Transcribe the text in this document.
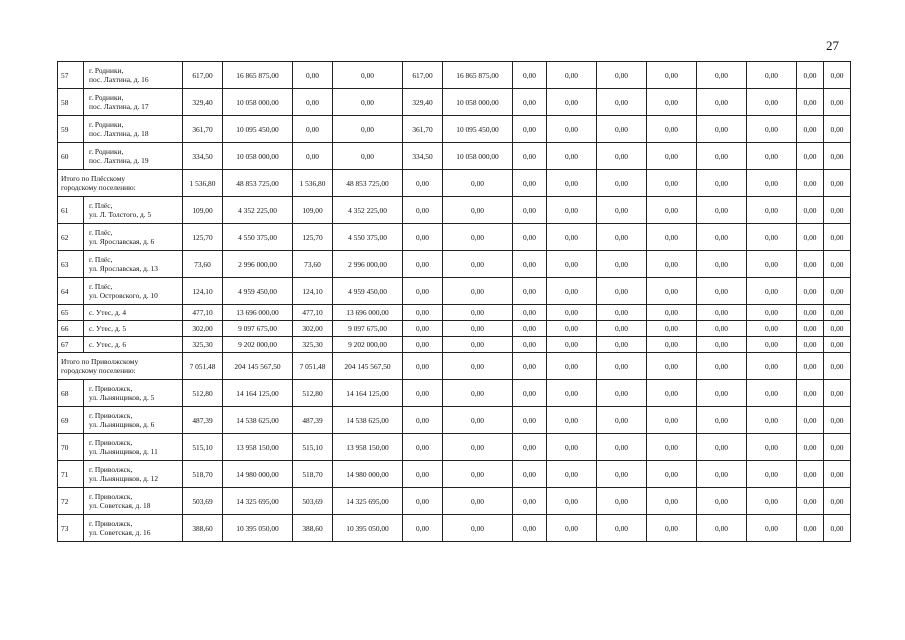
27
57	г. Родники,
пос. Лахтина, д. 16	617,00	16 865 875,00	0,00	0,00	617,00	16 865 875,00	0,00	0,00	0,00	0,00	0,00	0,00	0,00	0,00
58	г. Родники,
пос. Лахтина, д. 17	329,40	10 058 000,00	0,00	0,00	329,40	10 058 000,00	0,00	0,00	0,00	0,00	0,00	0,00	0,00	0,00
59	г. Родники,
пос. Лахтина, д. 18	361,70	10 095 450,00	0,00	0,00	361,70	10 095 450,00	0,00	0,00	0,00	0,00	0,00	0,00	0,00	0,00
60	г. Родники,
пос. Лахтина, д. 19	334,50	10 058 000,00	0,00	0,00	334,50	10 058 000,00	0,00	0,00	0,00	0,00	0,00	0,00	0,00	0,00

Итого по Плёсскому
городскому поселению:		1 536,80	48 853 725,00	1 536,80	48 853 725,00	0,00	0,00	0,00	0,00	0,00	0,00	0,00	0,00	0,00	0,00
61	г. Плёс,
ул. Л. Толстого, д. 5	109,00	4 352 225,00	109,00	4 352 225,00	0,00	0,00	0,00	0,00	0,00	0,00	0,00	0,00	0,00	0,00
62	г. Плёс,
ул. Ярославская, д. 6	125,70	4 550 375,00	125,70	4 550 375,00	0,00	0,00	0,00	0,00	0,00	0,00	0,00	0,00	0,00	0,00
63	г. Плёс,
ул. Ярославская, д. 13	73,60	2 996 000,00	73,60	2 996 000,00	0,00	0,00	0,00	0,00	0,00	0,00	0,00	0,00	0,00	0,00
64	г. Плёс,
ул. Островского, д. 10	124,10	4 959 450,00	124,10	4 959 450,00	0,00	0,00	0,00	0,00	0,00	0,00	0,00	0,00	0,00	0,00
65	с. Утес, д. 4	477,10	13 696 000,00	477,10	13 696 000,00	0,00	0,00	0,00	0,00	0,00	0,00	0,00	0,00	0,00	0,00
66	с. Утес, д. 5	302,00	9 097 675,00	302,00	9 097 675,00	0,00	0,00	0,00	0,00	0,00	0,00	0,00	0,00	0,00	0,00
67	с. Утес, д. 6	325,30	9 202 000,00	325,30	9 202 000,00	0,00	0,00	0,00	0,00	0,00	0,00	0,00	0,00	0,00	0,00

Итого по Приволжскому
городскому поселению:		7 051,48	204 145 567,50	7 051,48	204 145 567,50	0,00	0,00	0,00	0,00	0,00	0,00	0,00	0,00	0,00	0,00
68	г. Приволжск,
ул. Льнянщиков, д. 5	512,80	14 164 125,00	512,80	14 164 125,00	0,00	0,00	0,00	0,00	0,00	0,00	0,00	0,00	0,00	0,00
69	г. Приволжск,
ул. Льнянщиков, д. 6	487,39	14 538 625,00	487,39	14 538 625,00	0,00	0,00	0,00	0,00	0,00	0,00	0,00	0,00	0,00	0,00
70	г. Приволжск,
ул. Льнянщиков, д. 11	515,10	13 958 150,00	515,10	13 958 150,00	0,00	0,00	0,00	0,00	0,00	0,00	0,00	0,00	0,00	0,00
71	г. Приволжск,
ул. Льнянщиков, д. 12	518,70	14 980 000,00	518,70	14 980 000,00	0,00	0,00	0,00	0,00	0,00	0,00	0,00	0,00	0,00	0,00
72	г. Приволжск,
ул. Советская, д. 18	503,69	14 325 695,00	503,69	14 325 695,00	0,00	0,00	0,00	0,00	0,00	0,00	0,00	0,00	0,00	0,00
73	г. Приволжск,
ул. Советская, д. 16	388,60	10 395 050,00	388,60	10 395 050,00	0,00	0,00	0,00	0,00	0,00	0,00	0,00	0,00	0,00	0,00
